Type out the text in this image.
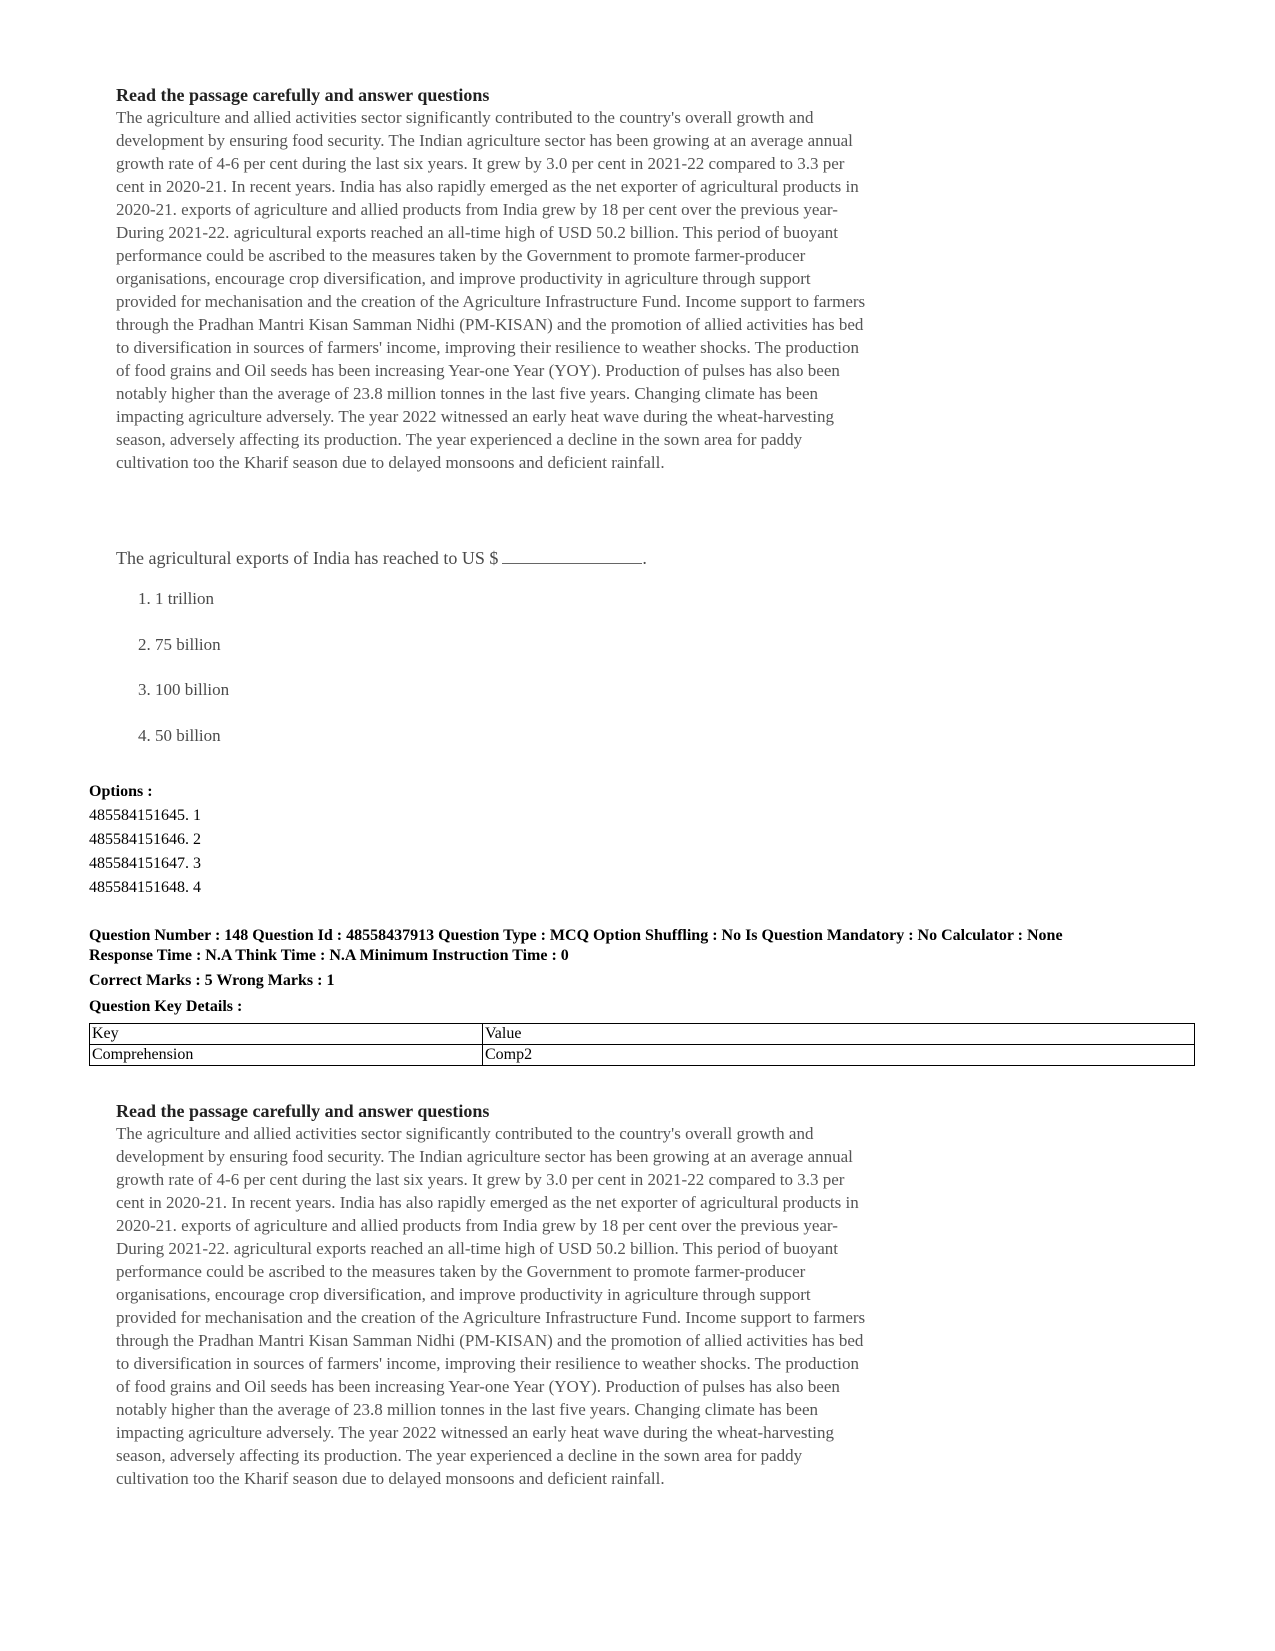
Read the passage carefully and answer questions

The agriculture and allied activities sector significantly contributed to the country's overall growth and
development by ensuring food security. The Indian agriculture sector has been growing at an average annual
growth rate of 4-6 per cent during the last six years. It grew by 3.0 per cent in 2021-22 compared to 3.3 per
cent in 2020-21. In recent years. India has also rapidly emerged as the net exporter of agricultural products in
2020-21. exports of agriculture and allied products from India grew by 18 per cent over the previous year-
During 2021-22. agricultural exports reached an all-time high of USD 50.2 billion. This period of buoyant
performance could be ascribed to the measures taken by the Government to promote farmer-producer
organisations, encourage crop diversification, and improve productivity in agriculture through support
provided for mechanisation and the creation of the Agriculture Infrastructure Fund. Income support to farmers
through the Pradhan Mantri Kisan Samman Nidhi (PM-KISAN) and the promotion of allied activities has bed
to diversification in sources of farmers' income, improving their resilience to weather shocks. The production
of food grains and Oil seeds has been increasing Year-one Year (YOY). Production of pulses has also been
notably higher than the average of 23.8 million tonnes in the last five years. Changing climate has been
impacting agriculture adversely. The year 2022 witnessed an early heat wave during the wheat-harvesting
season, adversely affecting its production. The year experienced a decline in the sown area for paddy
cultivation too the Kharif season due to delayed monsoons and deficient rainfall.

The agricultural exports of India has reached to US $	.

1. 1 trillion
2. 75 billion
3. 100 billion
4. 50 billion

Options :

485584151645. 1

485584151646. 2

485584151647. 3

485584151648. 4

Question Number : 148 Question Id : 48558437913 Question Type : MCQ Option Shuffling : No Is Question Mandatory : No Calculator : None

Response Time : N.A Think Time : N.A Minimum Instruction Time : 0

Correct Marks : 5 Wrong Marks : 1

Question Key Details :

Key	Value
Comprehension	Comp2

Read the passage carefully and answer questions

The agriculture and allied activities sector significantly contributed to the country's overall growth and
development by ensuring food security. The Indian agriculture sector has been growing at an average annual
growth rate of 4-6 per cent during the last six years. It grew by 3.0 per cent in 2021-22 compared to 3.3 per
cent in 2020-21. In recent years. India has also rapidly emerged as the net exporter of agricultural products in
2020-21. exports of agriculture and allied products from India grew by 18 per cent over the previous year-
During 2021-22. agricultural exports reached an all-time high of USD 50.2 billion. This period of buoyant
performance could be ascribed to the measures taken by the Government to promote farmer-producer
organisations, encourage crop diversification, and improve productivity in agriculture through support
provided for mechanisation and the creation of the Agriculture Infrastructure Fund. Income support to farmers
through the Pradhan Mantri Kisan Samman Nidhi (PM-KISAN) and the promotion of allied activities has bed
to diversification in sources of farmers' income, improving their resilience to weather shocks. The production
of food grains and Oil seeds has been increasing Year-one Year (YOY). Production of pulses has also been
notably higher than the average of 23.8 million tonnes in the last five years. Changing climate has been
impacting agriculture adversely. The year 2022 witnessed an early heat wave during the wheat-harvesting
season, adversely affecting its production. The year experienced a decline in the sown area for paddy
cultivation too the Kharif season due to delayed monsoons and deficient rainfall.
